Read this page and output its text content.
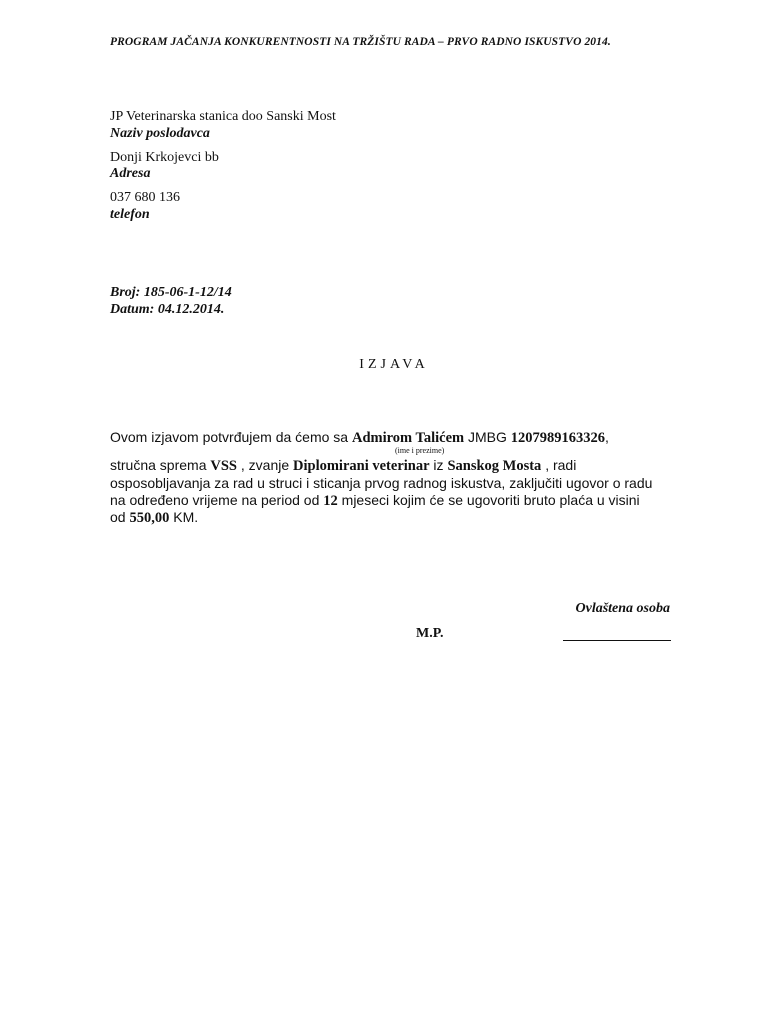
PROGRAM JAČANJA KONKURENTNOSTI NA TRŽIŠTU RADA – PRVO RADNO ISKUSTVO 2014.
JP Veterinarska stanica doo Sanski Most
Naziv poslodavca
Donji Krkojevci bb
Adresa
037 680 136
telefon
Broj: 185-06-1-12/14
Datum: 04.12.2014.
IZJAVA
Ovom izjavom potvrđujem da ćemo sa Admirom Talićem JMBG 1207989163326,
(ime i prezime)
stručna sprema VSS , zvanje Diplomirani veterinar iz Sanskog Mosta , radi
osposobljavanja za rad u struci i sticanja prvog radnog iskustva, zaključiti ugovor o radu
na određeno vrijeme na period od 12 mjeseci kojim će se ugovoriti bruto plaća u visini
od 550,00 KM.
Ovlaštena osoba
M.P.
